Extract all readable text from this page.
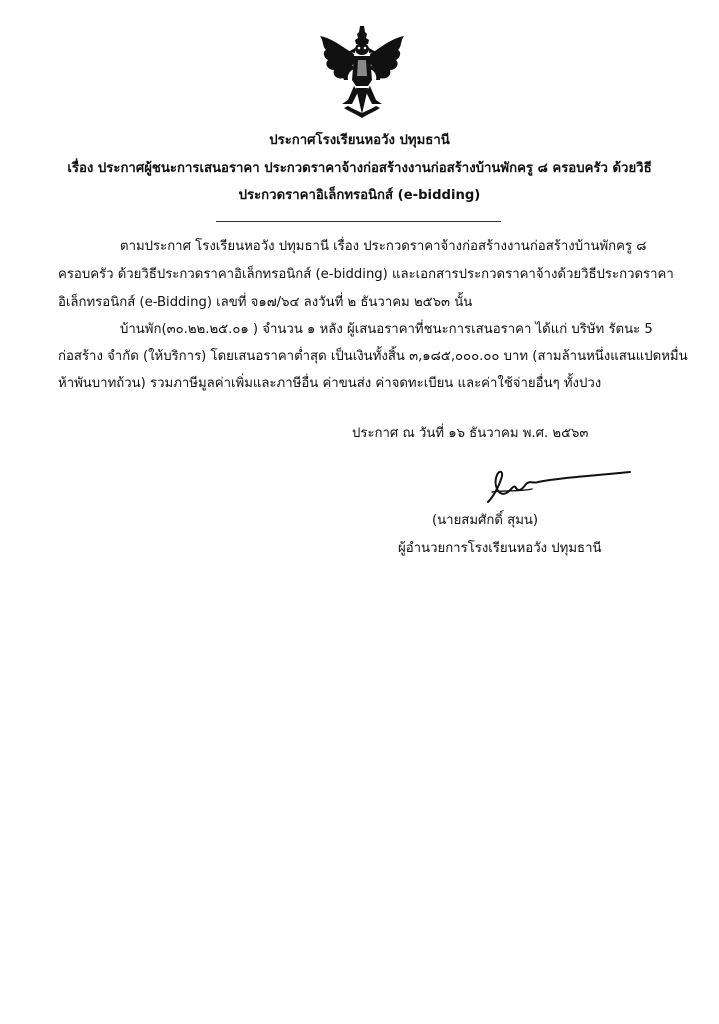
ประกาศโรงเรียนหอวัง ปทุมธานี
เรื่อง ประกาศผู้ชนะการเสนอราคา ประกวดราคาจ้างก่อสร้างงานก่อสร้างบ้านพักครู ๘ ครอบครัว ด้วยวิธี
ประกวดราคาอิเล็กทรอนิกส์ (e-bidding)
ตามประกาศ โรงเรียนหอวัง ปทุมธานี เรื่อง ประกวดราคาจ้างก่อสร้างงานก่อสร้างบ้านพักครู ๘
ครอบครัว ด้วยวิธีประกวดราคาอิเล็กทรอนิกส์ (e-bidding) และเอกสารประกวดราคาจ้างด้วยวิธีประกวดราคา
อิเล็กทรอนิกส์ (e-Bidding) เลขที่ จ๑๗/๖๔ ลงวันที่ ๒ ธันวาคม ๒๕๖๓ นั้น
บ้านพัก(๓๐.๒๒.๒๕.๐๑ ) จำนวน ๑ หลัง ผู้เสนอราคาที่ชนะการเสนอราคา ได้แก่ บริษัท รัตนะ 5
ก่อสร้าง จำกัด (ให้บริการ) โดยเสนอราคาต่ำสุด เป็นเงินทั้งสิ้น ๓,๑๘๕,๐๐๐.๐๐ บาท (สามล้านหนึ่งแสนแปดหมื่น
ห้าพันบาทถ้วน) รวมภาษีมูลค่าเพิ่มและภาษีอื่น ค่าขนส่ง ค่าจดทะเบียน และค่าใช้จ่ายอื่นๆ ทั้งปวง
ประกาศ ณ วันที่ ๑๖ ธันวาคม พ.ศ. ๒๕๖๓
(นายสมศักดิ์ สุมน)
ผู้อำนวยการโรงเรียนหอวัง ปทุมธานี
